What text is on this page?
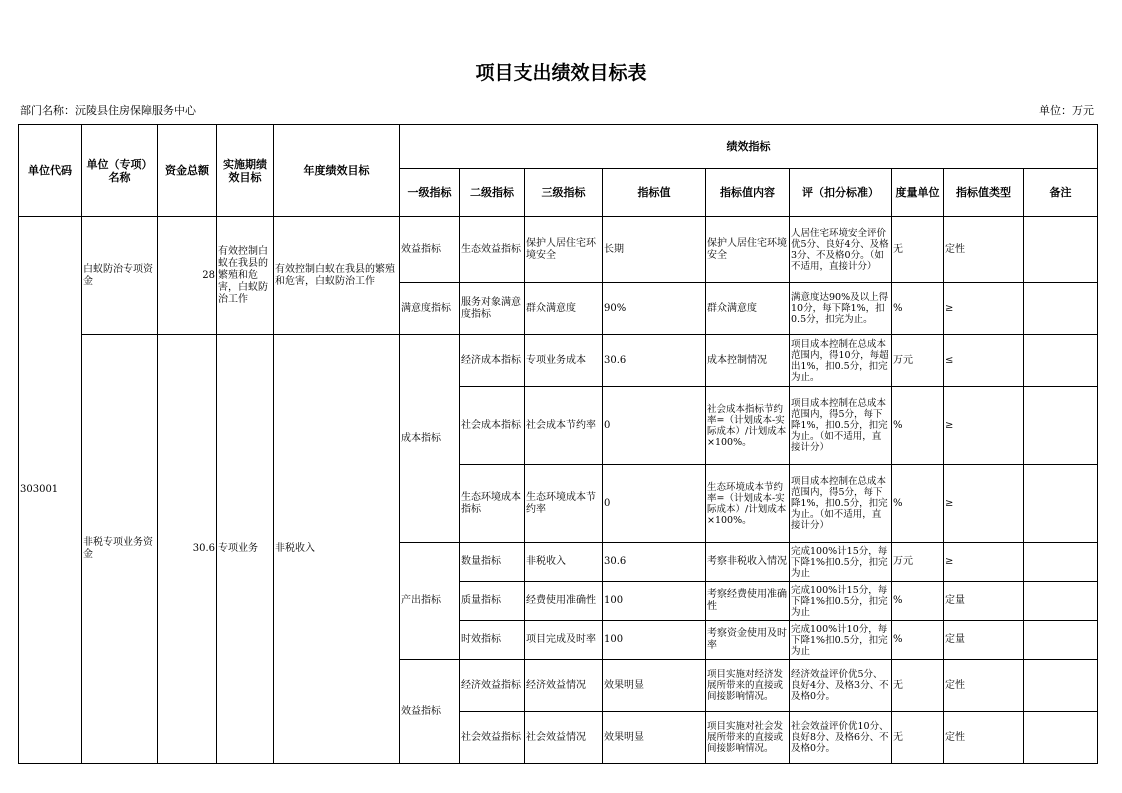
项目支出绩效目标表
部门名称：沅陵县住房保障服务中心	单位：万元
单位代码	单位（专项）名称	资金总额	实施期绩效目标	年度绩效目标	绩效指标								
					一级指标	二级指标	三级指标	指标值	指标值内容	评（扣分标准）	度量单位	指标值类型	备注
303001	白蚁防治专项资金	28	有效控制白蚁在我县的繁殖和危害，白蚁防治工作	有效控制白蚁在我县的繁殖和危害，白蚁防治工作	效益指标	生态效益指标	保护人居住宅环境安全	长期	保护人居住宅环境安全	人居住宅环境安全评价优5分、良好4分、及格3分、不及格0分。（如不适用，直接计分）	无	定性	
					满意度指标	服务对象满意度指标	群众满意度	90%	群众满意度	满意度达90%及以上得10分，每下降1%，扣0.5分，扣完为止。	%	≥	
	非税专项业务资金	30.6	专项业务	非税收入	成本指标	经济成本指标	专项业务成本	30.6	成本控制情况	项目成本控制在总成本范围内，得10分，每超出1%，扣0.5分，扣完为止。	万元	≤	
						社会成本指标	社会成本节约率	0	社会成本指标节约率=（计划成本-实际成本）/计划成本×100%。	项目成本控制在总成本范围内，得5分，每下降1%，扣0.5分，扣完为止。（如不适用，直接计分）	%	≥	
						生态环境成本指标	生态环境成本节约率	0	生态环境成本节约率=（计划成本-实际成本）/计划成本×100%。	项目成本控制在总成本范围内，得5分，每下降1%，扣0.5分，扣完为止。（如不适用，直接计分）	%	≥	
					产出指标	数量指标	非税收入	30.6	考察非税收入情况	完成100%计15分，每下降1%扣0.5分，扣完为止	万元	≥	
						质量指标	经费使用准确性	100	考察经费使用准确性	完成100%计15分，每下降1%扣0.5分，扣完为止	%	定量	
						时效指标	项目完成及时率	100	考察资金使用及时率	完成100%计10分，每下降1%扣0.5分，扣完为止	%	定量	
					效益指标	经济效益指标	经济效益情况	效果明显	项目实施对经济发展所带来的直接或间接影响情况。	经济效益评价优5分、良好4分、及格3分、不及格0分。	无	定性	
						社会效益指标	社会效益情况	效果明显	项目实施对社会发展所带来的直接或间接影响情况。	社会效益评价优10分、良好8分、及格6分、不及格0分。	无	定性	
